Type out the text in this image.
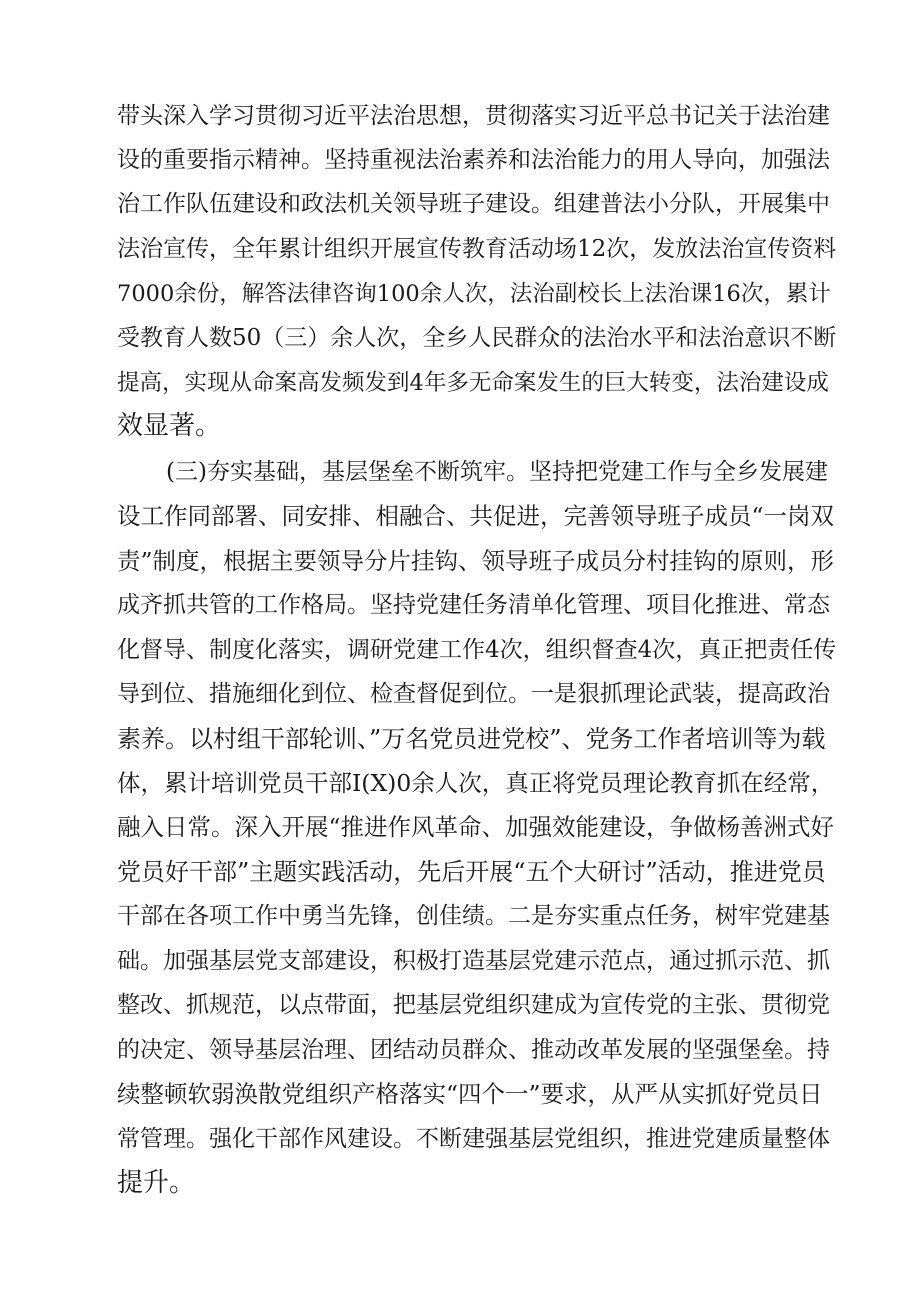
带头深入学习贯彻习近平法治思想，贯彻落实习近平总书记关于法治建
设的重要指示精神。坚持重视法治素养和法治能力的用人导向，加强法
治工作队伍建设和政法机关领导班子建设。组建普法小分队，开展集中
法治宣传，全年累计组织开展宣传教育活动场12次，发放法治宣传资料
7000余份，解答法律咨询100余人次，法治副校长上法治课16次，累计
受教育人数50（三）余人次，全乡人民群众的法治水平和法治意识不断
提高，实现从命案高发频发到4年多无命案发生的巨大转变，法治建设成
效显著。
(三)夯实基础，基层堡垒不断筑牢。坚持把党建工作与全乡发展建
设工作同部署、同安排、相融合、共促进，完善领导班子成员“一岗双
责”制度，根据主要领导分片挂钩、领导班子成员分村挂钩的原则，形
成齐抓共管的工作格局。坚持党建任务清单化管理、项目化推进、常态
化督导、制度化落实，调研党建工作4次，组织督查4次，真正把责任传
导到位、措施细化到位、检查督促到位。一是狠抓理论武装，提高政治
素养。以村组干部轮训、”万名党员进党校”、党务工作者培训等为载
体，累计培训党员干部I(X)0余人次，真正将党员理论教育抓在经常，
融入日常。深入开展“推进作风革命、加强效能建设，争做杨善洲式好
党员好干部”主题实践活动，先后开展“五个大研讨”活动，推进党员
干部在各项工作中勇当先锋，创佳绩。二是夯实重点任务，树牢党建基
础。加强基层党支部建设，积极打造基层党建示范点，通过抓示范、抓
整改、抓规范，以点带面，把基层党组织建成为宣传党的主张、贯彻党
的决定、领导基层治理、团结动员群众、推动改革发展的坚强堡垒。持
续整顿软弱涣散党组织产格落实“四个一”要求，从严从实抓好党员日
常管理。强化干部作风建设。不断建强基层党组织，推进党建质量整体
提升。
